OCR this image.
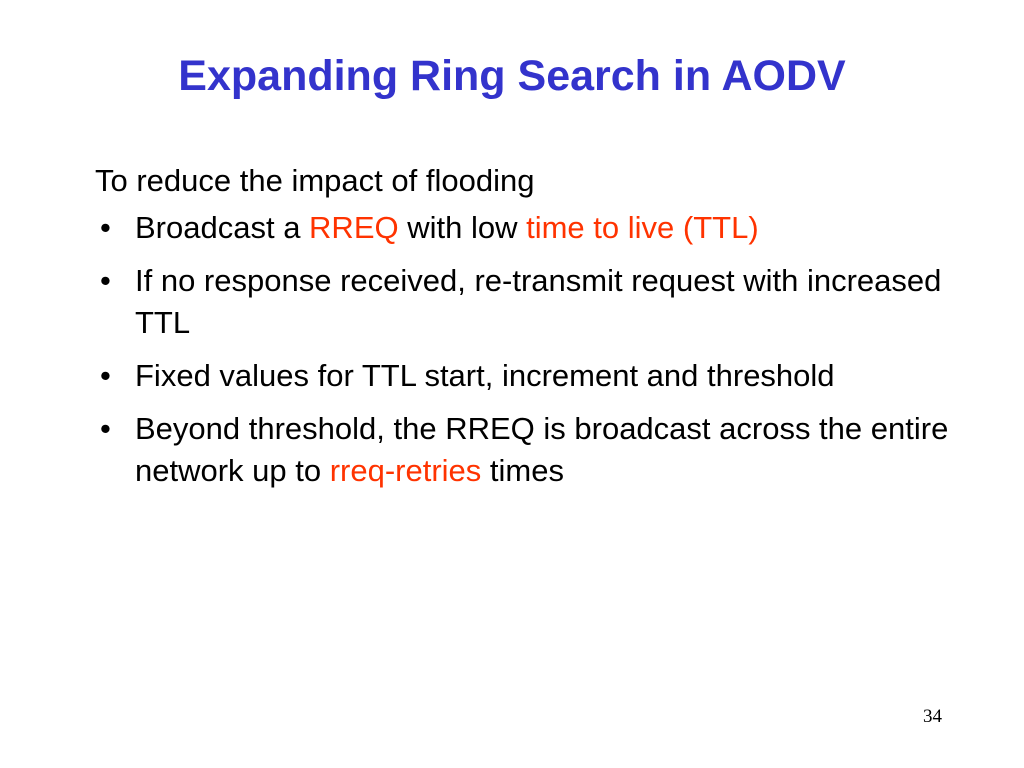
Expanding Ring Search in AODV

To reduce the impact of flooding

• Broadcast a RREQ with low time to live (TTL)
• If no response received, re-transmit request with increased TTL
• Fixed values for TTL start, increment and threshold
• Beyond threshold, the RREQ is broadcast across the entire network up to rreq-retries times
34
